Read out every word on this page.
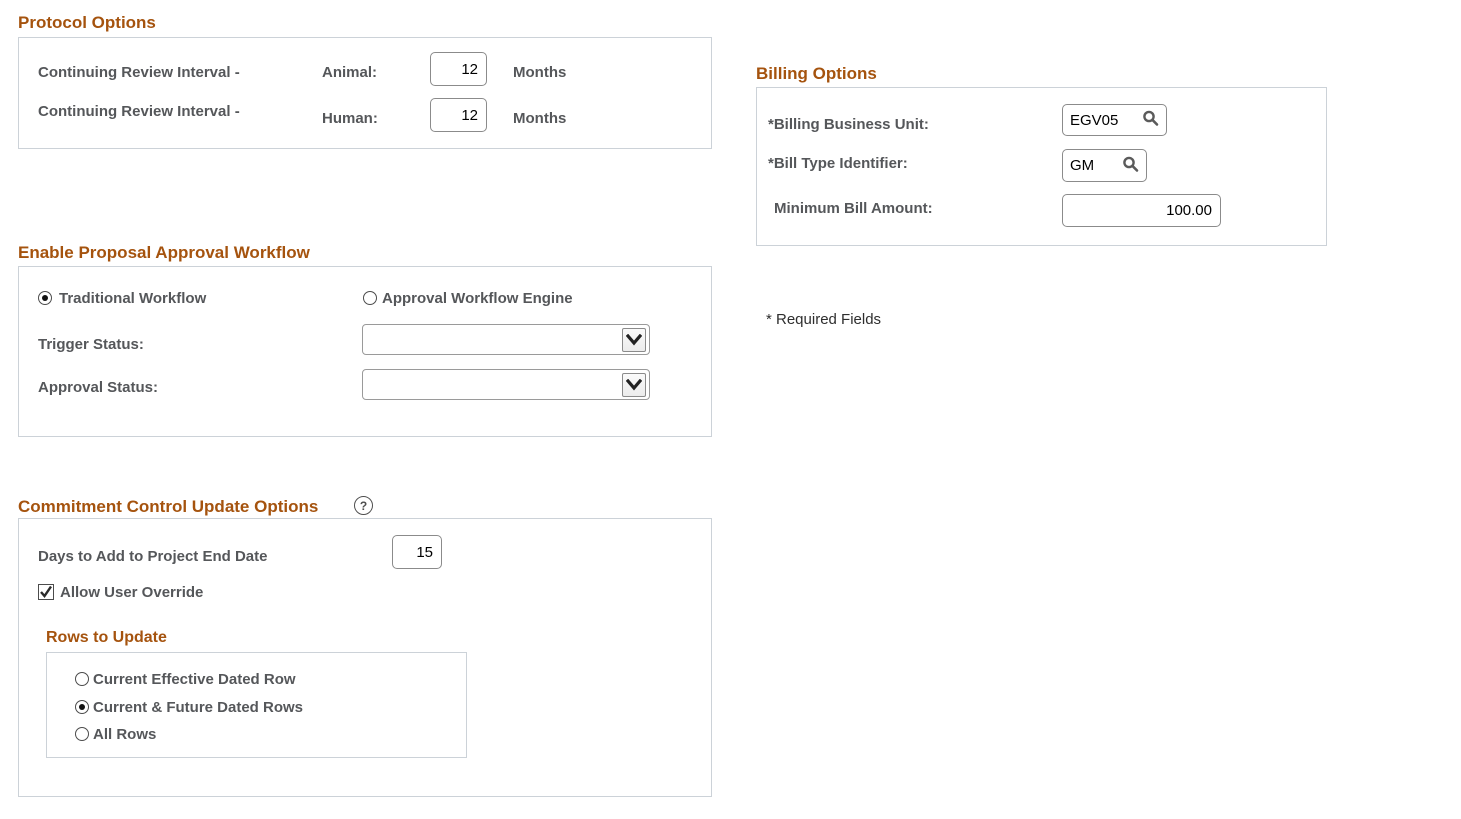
Protocol Options
Continuing Review Interval -	Animal:	12	Months
Continuing Review Interval -	Human:	12	Months
Billing Options
*Billing Business Unit:	EGV05
*Bill Type Identifier:	GM
Minimum Bill Amount:	100.00
Enable Proposal Approval Workflow
Traditional Workflow	Approval Workflow Engine
Trigger Status:
Approval Status:
* Required Fields
Commitment Control Update Options	?
Days to Add to Project End Date	15
Allow User Override
Rows to Update
Current Effective Dated Row
Current & Future Dated Rows
All Rows
